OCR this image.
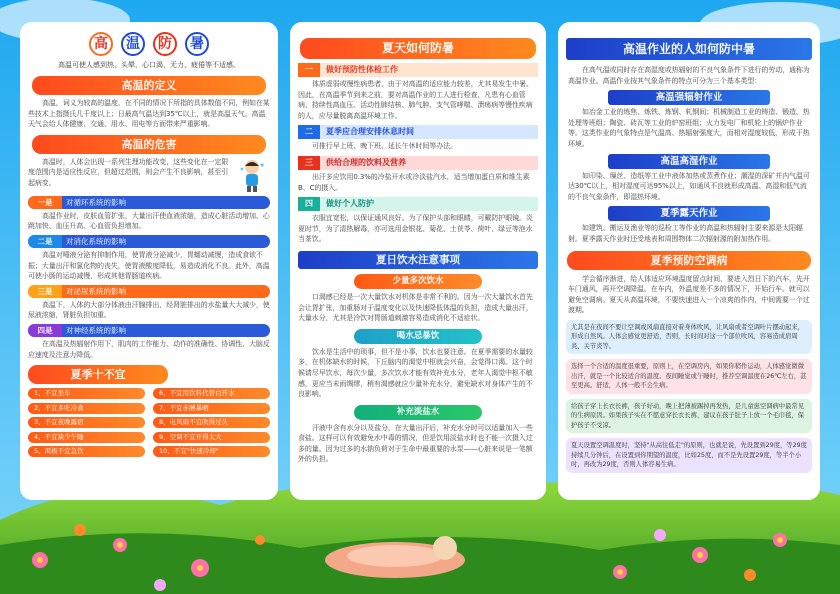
高	温	防	暑
高温可使人感到热，头晕，心口渴，无力，疲倦等不适感。
高温的定义
高温，词义为较高的温度，在不同的情况下所指的具体数值不同，例如在某些技术上指摄氏几千度以上；日最高气温达到35℃以上，就是高温天气。高温天气会给人体健康、交通、用水、用电等方面带来严重影响。
高温的危害
高温时，人体会出现一系列生理功能改变，这些变化在一定限度范围内是适应性反应，但超过范围，则会产生不良影响，甚至引起病变。
一是	对循环系统的影响
高温作业时，皮肤血管扩张，大量出汗使血液浓缩，造成心脏活动增加、心跳加快、血压升高、心血管负担增加。
二是	对消化系统的影响
高温对唾液分泌有抑制作用，使胃液分泌减少，胃蠕动减慢，造成食欲不振；大量出汗和氯化物的丧失，使胃液酸度降低，易造成消化不良。此外，高温可使小肠的运动减慢，形成其他胃肠道疾病。
三是	对泌尿系统的影响
高温下，人体的大部分体液由汗腺排出，经肾脏排出的水盐量大大减少，使尿液浓缩，肾脏负担加重。
四是	对神经系统的影响
在高温及热辐射作用下，肌肉的工作能力、动作的准确性、协调性、大脑反应速度及注意力降低。
夏季十不宜
1、不宜坐车	6、不宜用饮料代替白开水
2、不宜多吃冷食	7、不宜赤膊暴晒
3、不宜夜晚露宿	8、电风扇不宜吹得过久
4、不宜缺少午睡	9、空调不宜开得太大
5、渴极不宜急饮	10、不宜"快速冷却"
夏天如何防暑
一	做好预防性体检工作
体质虚弱或慢性病患者，由于对高温的适应能力较差，尤其易发生中暑。因此，在高温季节到来之前，要对高温作业的工人进行检查，凡患有心血管病、持续性高血压、活动性肺结核、肺气肿、支气管哮喘、溃疡病等慢性疾病的人，应尽量脱离高温环境工作。
二	夏季应合理安排休息时间
可推行早上班、晚下班、延长午休时间等办法。
三	供给合理的饮料及营养
出汗多应饮用0.3%的冷盐开水或冷淡盐汽水，适当增加蛋白质和维生素B、C的摄入。
四	做好个人防护
衣服宜宽松，以保证通风良好。为了保护头部和眼睛，可戴防护眼镜。炎夏时节，为了清热解毒，亦可选用金银花、菊花、土茯苓、荷叶、绿豆等泡水当茶饮。
夏日饮水注意事项
少量多次饮水
口渴感已经是一次大量饮水对机体是非常不利的。因为一次大量饮水首先会让胃扩张，加重肠对于温度变化以及快速降低体温的负担，造成大量出汗，大量水分，尤其是冷饮对胃肠道刺激容易造成消化不适症状。
喝水忌暴饮
饮水是生活中的琐事，但不是小事，饮水也要注意。在夏季需要的水量较多，在机体缺水的时候，下丘脑内的渴觉中枢就会兴奋，会觉得口渴。这个时候请尽早饮水，每次少量，多次饮水才能有效补充水分，老年人渴觉中枢不敏感，更应当未雨绸缪，稍有渴感就应少量补充水分，避免缺水对身体产生的不良影响。
补充淡盐水
汗液中含有水分以及盐分，在大量出汗后，补充水分时可以适量加入一些食盐。这样可以有效避免水中毒的情况，但是饮用淡盐水时也不能一次摄入过多的量。因为过多的水钠负荷对于生命中最重要的水泵——心脏来说是一笔额外的负担。
高温作业的人如何防中暑
在高气温或同时存在高湿度或热辐射的不良气象条件下进行的劳动，通称为高温作业。高温作业按其气象条件的特点可分为三个基本类型：
高温强辐射作业
如冶金工业的炼焦、炼铁、炼钢、轧钢间；机械制造工业的铸造、锻造、热处理等班组；陶瓷、砖瓦等工业的炉窑班组；火力发电厂和机轮上的锅炉作业等。这类作业的气象特点是气温高、热辐射强度大，而相对湿度较低，形成干热环境。
高温高湿作业
如印染、缫丝、造纸等工业中液体加热或蒸煮作业；潮湿的深矿井内气温可达30℃以上，相对湿度可达95%以上，如通风不良就形成高温、高湿和低气流的不良气象条件，即湿热环境。
夏季露天作业
如建筑、搬运及渔业等的巡检工等作业的高温和热辐射主要来源是太阳辐射。夏季露天作业时还受地表和周围物体二次辐射源的附加热作用。
夏季预防空调病
学会循序渐进，给人体适应环境温度留点时间，要进入烈日下的汽车，先开车门通风，再开空调降温。在车内，外温度差不多的情况下，开始行车。就可以避免空调病。夏天从高温环境，不要快速进入一个凉爽的作内，中间需要一个过渡期。
尤其是在夜间不要让空调或风扇直接对着身体吹风，让风扇或者空调叶片摆动起来，形成自然风。人体会感觉更舒适，否则，长时间对这一个部位吹风，容易造成肩周炎、关节炎等。
选择一个合适的温度很重要，原则上，在空调房内，如果你稍作运动，人体感觉微微出汗，就是一个比较适合的温度。夜间睡觉或午睡时，推荐空调温度在26℃左右，甚至更高。舒适，人体一般不会生病。
给孩子穿上长衣长裤，孩子好动，晚上把薄被踢掉再发热，是儿童患空调病中最常见的生病原因。如果孩子实在不愿意穿长衣长裤，建议在孩子肚子上放一个毛巾毯，保护孩子不受凉。
夏天设置空调温度时，坚持"从高往低走"的原则，也就是说，先设置到29度，等29度持续几分钟后，在设置到你期望的温度，比如25度，而不是先设置29度，等半个小时，再改为29度，否则人体容易生病。
